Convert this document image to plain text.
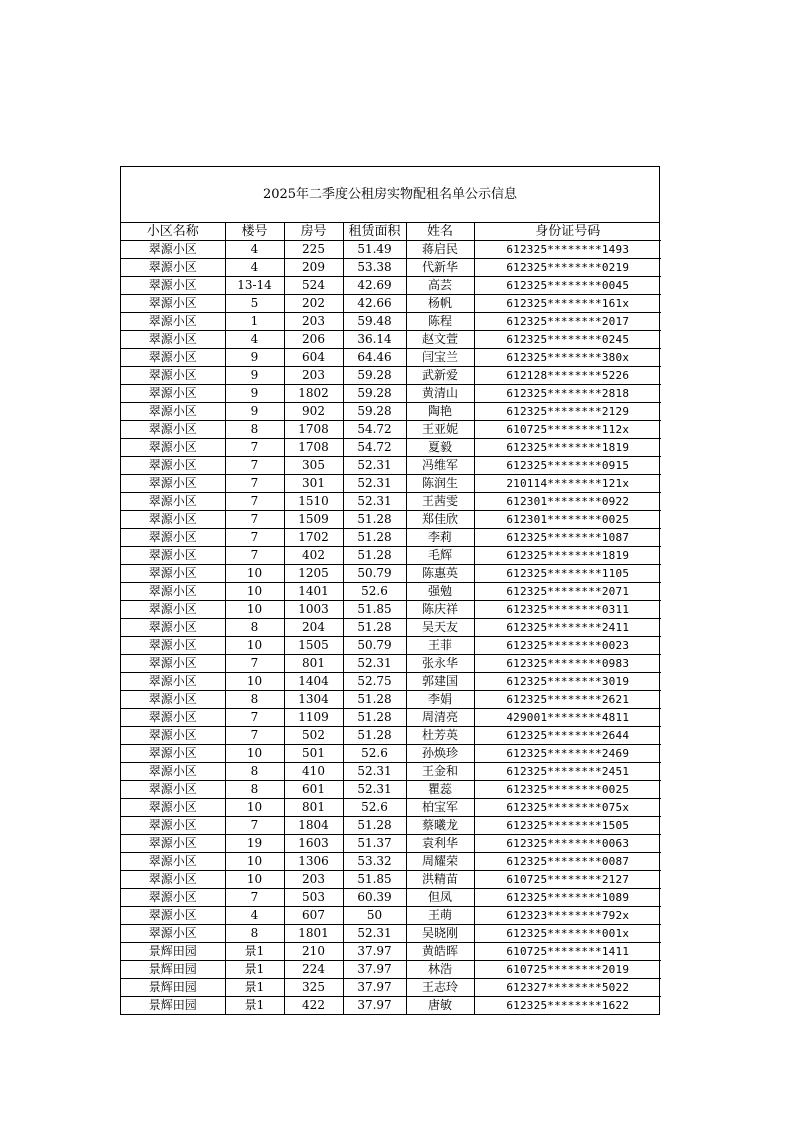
2025年二季度公租房实物配租名单公示信息
小区名称	楼号	房号	租赁面积	姓名	身份证号码
翠源小区	4	225	51.49	蒋启民	612325********1493
翠源小区	4	209	53.38	代新华	612325********0219
翠源小区	13-14	524	42.69	高芸	612325********0045
翠源小区	5	202	42.66	杨帆	612325********161x
翠源小区	1	203	59.48	陈程	612325********2017
翠源小区	4	206	36.14	赵文萱	612325********0245
翠源小区	9	604	64.46	闫宝兰	612325********380x
翠源小区	9	203	59.28	武新爱	612128********5226
翠源小区	9	1802	59.28	黄清山	612325********2818
翠源小区	9	902	59.28	陶艳	612325********2129
翠源小区	8	1708	54.72	王亚妮	610725********112x
翠源小区	7	1708	54.72	夏毅	612325********1819
翠源小区	7	305	52.31	冯维军	612325********0915
翠源小区	7	301	52.31	陈润生	210114********121x
翠源小区	7	1510	52.31	王茜雯	612301********0922
翠源小区	7	1509	51.28	郑佳欣	612301********0025
翠源小区	7	1702	51.28	李莉	612325********1087
翠源小区	7	402	51.28	毛辉	612325********1819
翠源小区	10	1205	50.79	陈惠英	612325********1105
翠源小区	10	1401	52.6	强勉	612325********2071
翠源小区	10	1003	51.85	陈庆祥	612325********0311
翠源小区	8	204	51.28	吴天友	612325********2411
翠源小区	10	1505	50.79	王菲	612325********0023
翠源小区	7	801	52.31	张永华	612325********0983
翠源小区	10	1404	52.75	郭建国	612325********3019
翠源小区	8	1304	51.28	李娟	612325********2621
翠源小区	7	1109	51.28	周清亮	429001********4811
翠源小区	7	502	51.28	杜芳英	612325********2644
翠源小区	10	501	52.6	孙焕珍	612325********2469
翠源小区	8	410	52.31	王金和	612325********2451
翠源小区	8	601	52.31	瞿蕊	612325********0025
翠源小区	10	801	52.6	柏宝军	612325********075x
翠源小区	7	1804	51.28	蔡曦龙	612325********1505
翠源小区	19	1603	51.37	袁利华	612325********0063
翠源小区	10	1306	53.32	周耀荣	612325********0087
翠源小区	10	203	51.85	洪精苗	610725********2127
翠源小区	7	503	60.39	但凤	612325********1089
翠源小区	4	607	50	王萌	612323********792x
翠源小区	8	1801	52.31	吴晓刚	612325********001x
景辉田园	景1	210	37.97	黄皓晖	610725********1411
景辉田园	景1	224	37.97	林浩	610725********2019
景辉田园	景1	325	37.97	王志玲	612327********5022
景辉田园	景1	422	37.97	唐敏	612325********1622
